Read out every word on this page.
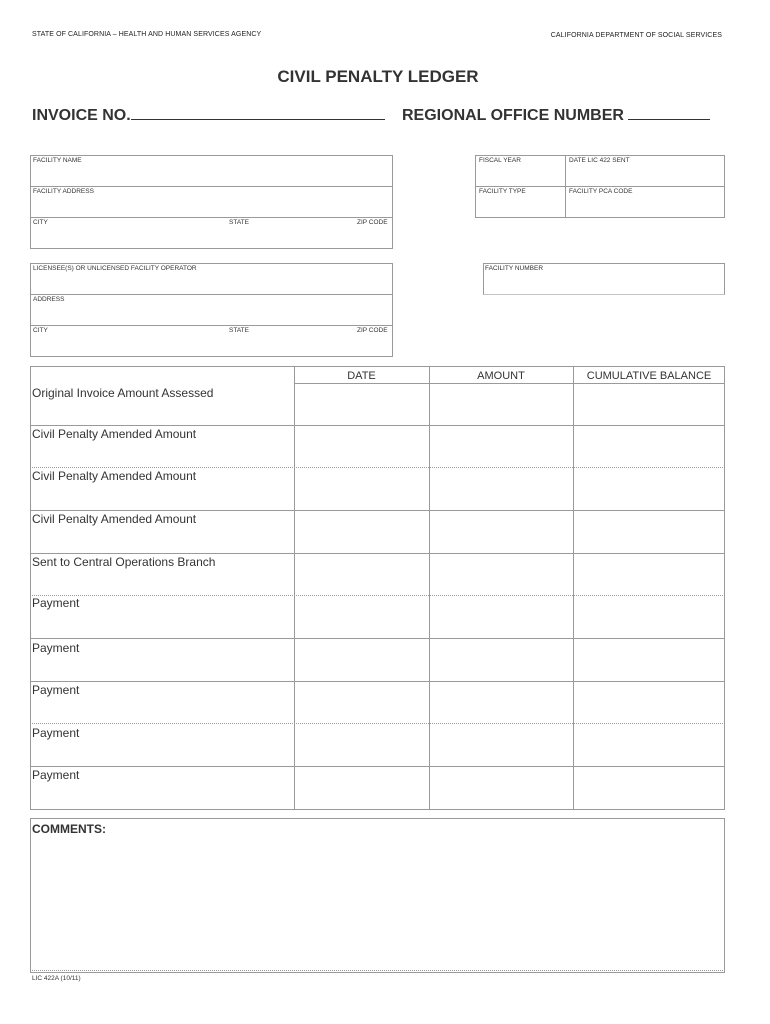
STATE OF CALIFORNIA – HEALTH AND HUMAN SERVICES AGENCY	CALIFORNIA DEPARTMENT OF SOCIAL SERVICES
CIVIL PENALTY LEDGER
INVOICE NO.	REGIONAL OFFICE NUMBER
FACILITY NAME
FACILITY ADDRESS
CITY	STATE	ZIP CODE
FISCAL YEAR	DATE LIC 422 SENT
FACILITY TYPE	FACILITY PCA CODE
LICENSEE(S) OR UNLICENSED FACILITY OPERATOR
ADDRESS
CITY	STATE	ZIP CODE
FACILITY NUMBER
DATE	AMOUNT	CUMULATIVE BALANCE
Original Invoice Amount Assessed
Civil Penalty Amended Amount
Civil Penalty Amended Amount
Civil Penalty Amended Amount
Sent to Central Operations Branch
Payment
Payment
Payment
Payment
Payment
COMMENTS:
LIC 422A (10/11)
